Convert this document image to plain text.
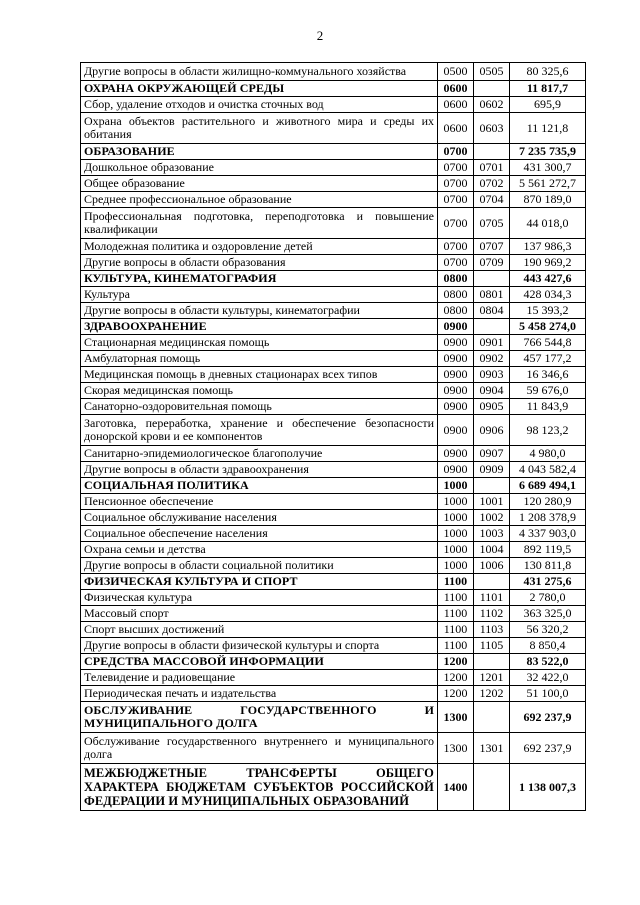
2
Другие вопросы в области жилищно-коммунального хозяйства	0500	0505	80 325,6
ОХРАНА ОКРУЖАЮЩЕЙ СРЕДЫ	0600		11 817,7
Сбор, удаление отходов и очистка сточных вод	0600	0602	695,9
Охрана объектов растительного и животного мира и среды их обитания	0600	0603	11 121,8
ОБРАЗОВАНИЕ	0700		7 235 735,9
Дошкольное образование	0700	0701	431 300,7
Общее образование	0700	0702	5 561 272,7
Среднее профессиональное образование	0700	0704	870 189,0
Профессиональная подготовка, переподготовка и повышение квалификации	0700	0705	44 018,0
Молодежная политика и оздоровление детей	0700	0707	137 986,3
Другие вопросы в области образования	0700	0709	190 969,2
КУЛЬТУРА, КИНЕМАТОГРАФИЯ	0800		443 427,6
Культура	0800	0801	428 034,3
Другие вопросы в области культуры, кинематографии	0800	0804	15 393,2
ЗДРАВООХРАНЕНИЕ	0900		5 458 274,0
Стационарная медицинская помощь	0900	0901	766 544,8
Амбулаторная помощь	0900	0902	457 177,2
Медицинская помощь в дневных стационарах всех типов	0900	0903	16 346,6
Скорая медицинская помощь	0900	0904	59 676,0
Санаторно-оздоровительная помощь	0900	0905	11 843,9
Заготовка, переработка, хранение и обеспечение безопасности донорской крови и ее компонентов	0900	0906	98 123,2
Санитарно-эпидемиологическое благополучие	0900	0907	4 980,0
Другие вопросы в области здравоохранения	0900	0909	4 043 582,4
СОЦИАЛЬНАЯ ПОЛИТИКА	1000		6 689 494,1
Пенсионное обеспечение	1000	1001	120 280,9
Социальное обслуживание населения	1000	1002	1 208 378,9
Социальное обеспечение населения	1000	1003	4 337 903,0
Охрана семьи и детства	1000	1004	892 119,5
Другие вопросы в области социальной политики	1000	1006	130 811,8
ФИЗИЧЕСКАЯ КУЛЬТУРА И СПОРТ	1100		431 275,6
Физическая культура	1100	1101	2 780,0
Массовый спорт	1100	1102	363 325,0
Спорт высших достижений	1100	1103	56 320,2
Другие вопросы в области физической культуры и спорта	1100	1105	8 850,4
СРЕДСТВА МАССОВОЙ ИНФОРМАЦИИ	1200		83 522,0
Телевидение и радиовещание	1200	1201	32 422,0
Периодическая печать и издательства	1200	1202	51 100,0
ОБСЛУЖИВАНИЕ ГОСУДАРСТВЕННОГО И МУНИЦИПАЛЬНОГО ДОЛГА	1300		692 237,9
Обслуживание государственного внутреннего и муниципального долга	1300	1301	692 237,9
МЕЖБЮДЖЕТНЫЕ ТРАНСФЕРТЫ ОБЩЕГО ХАРАКТЕРА БЮДЖЕТАМ СУБЪЕКТОВ РОССИЙСКОЙ ФЕДЕРАЦИИ И МУНИЦИПАЛЬНЫХ ОБРАЗОВАНИЙ	1400		1 138 007,3
